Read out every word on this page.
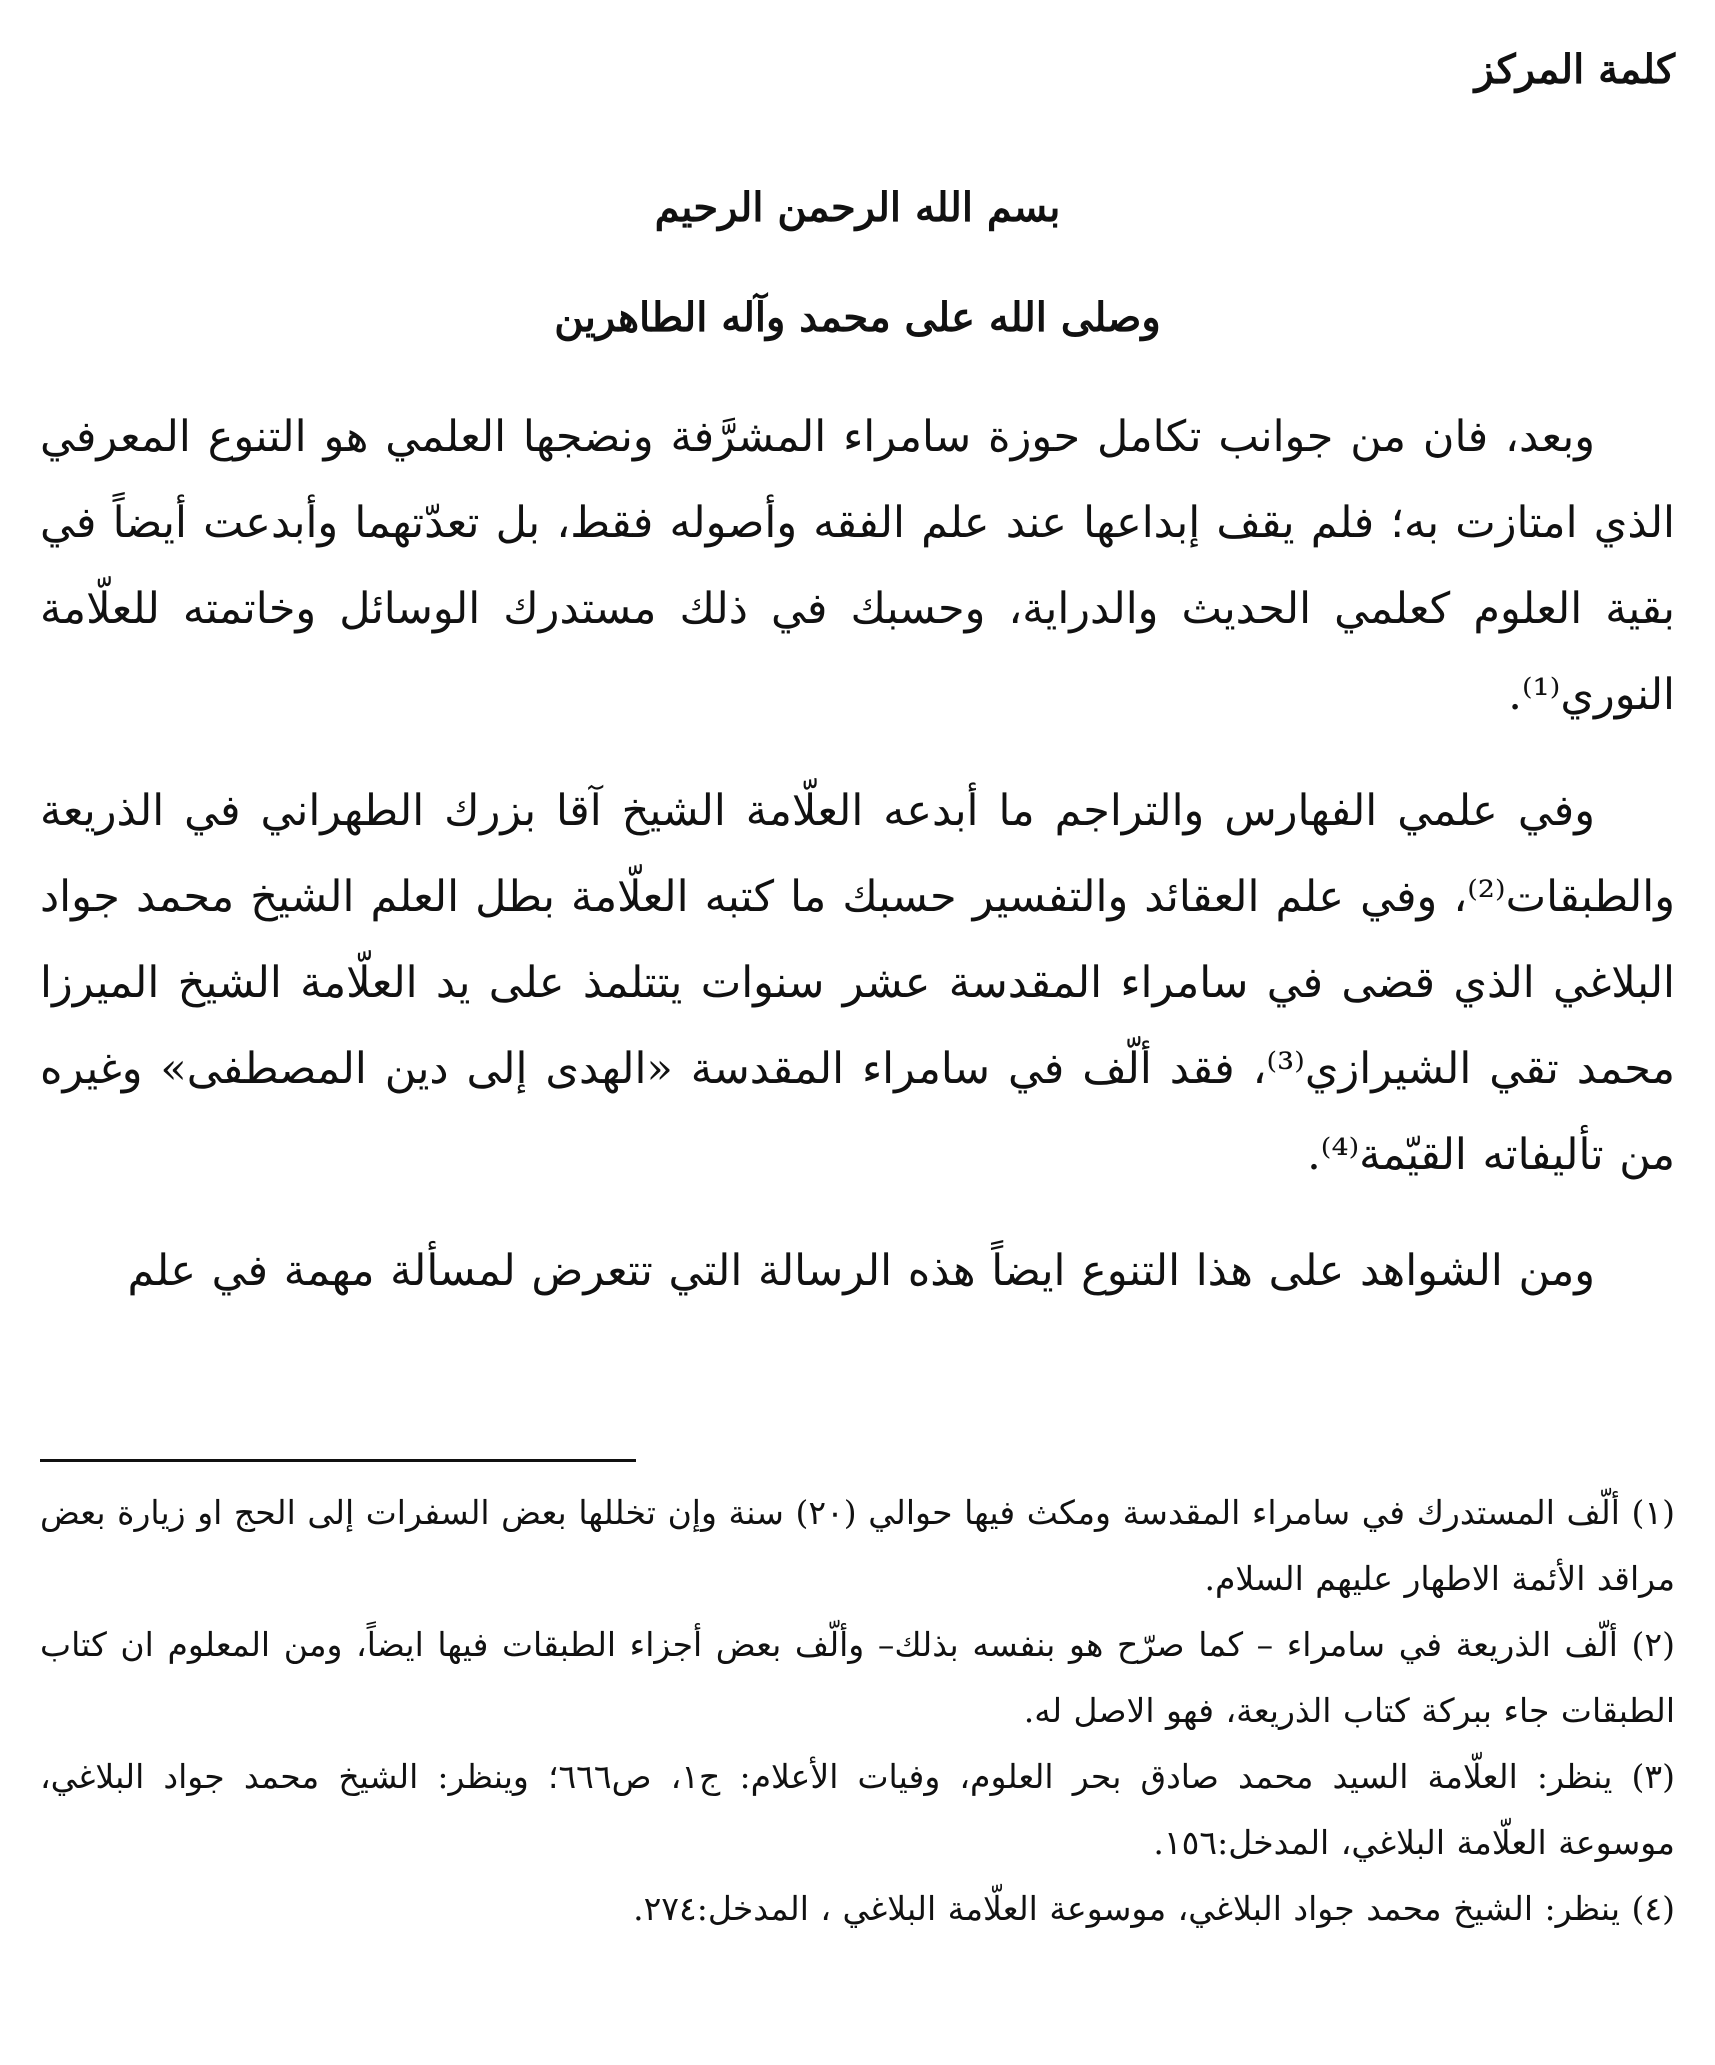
كلمة المركز

بسم الله الرحمن الرحيم

وصلى الله على محمد وآله الطاهرين

وبعد، فان من جوانب تكامل حوزة سامراء المشرَّفة ونضجها العلمي هو التنوع المعرفي الذي امتازت به؛ فلم يقف إبداعها عند علم الفقه وأصوله فقط، بل تعدّتهما وأبدعت أيضاً في بقية العلوم كعلمي الحديث والدراية، وحسبك في ذلك مستدرك الوسائل وخاتمته للعلّامة النوري⁽¹⁾.

وفي علمي الفهارس والتراجم ما أبدعه العلّامة الشيخ آقا بزرك الطهراني في الذريعة والطبقات⁽²⁾، وفي علم العقائد والتفسير حسبك ما كتبه العلّامة بطل العلم الشيخ محمد جواد البلاغي الذي قضى في سامراء المقدسة عشر سنوات يتتلمذ على يد العلّامة الشيخ الميرزا محمد تقي الشيرازي⁽³⁾، فقد ألّف في سامراء المقدسة «الهدى إلى دين المصطفى» وغيره من تأليفاته القيّمة⁽⁴⁾.

ومن الشواهد على هذا التنوع ايضاً هذه الرسالة التي تتعرض لمسألة مهمة في علم

(١) ألّف المستدرك في سامراء المقدسة ومكث فيها حوالي (٢٠) سنة وإن تخللها بعض السفرات إلى الحج او زيارة بعض مراقد الأئمة الاطهار عليهم السلام.

(٢) ألّف الذريعة في سامراء – كما صرّح هو بنفسه بذلك– وألّف بعض أجزاء الطبقات فيها ايضاً، ومن المعلوم ان كتاب الطبقات جاء ببركة كتاب الذريعة، فهو الاصل له.

(٣) ينظر: العلّامة السيد محمد صادق بحر العلوم، وفيات الأعلام: ج١، ص٦٦٦؛ وينظر: الشيخ محمد جواد البلاغي، موسوعة العلّامة البلاغي، المدخل:١٥٦.

(٤) ينظر: الشيخ محمد جواد البلاغي، موسوعة العلّامة البلاغي ، المدخل:٢٧٤.
